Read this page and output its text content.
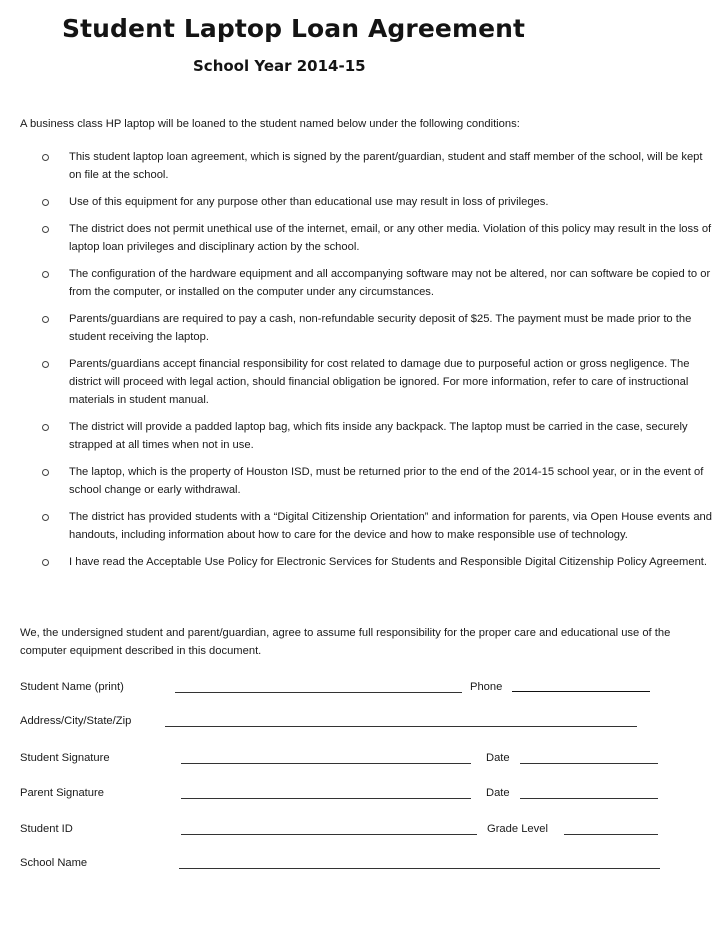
Student Laptop Loan Agreement
School Year 2014-15
A business class HP laptop will be loaned to the student named below under the following conditions:
This student laptop loan agreement, which is signed by the parent/guardian, student and staff member of the school, will be kept on file at the school.
Use of this equipment for any purpose other than educational use may result in loss of privileges.
The district does not permit unethical use of the internet, email, or any other media. Violation of this policy may result in the loss of laptop loan privileges and disciplinary action by the school.
The configuration of the hardware equipment and all accompanying software may not be altered, nor can software be copied to or from the computer, or installed on the computer under any circumstances.
Parents/guardians are required to pay a cash, non-refundable security deposit of $25. The payment must be made prior to the student receiving the laptop.
Parents/guardians accept financial responsibility for cost related to damage due to purposeful action or gross negligence. The district will proceed with legal action, should financial obligation be ignored. For more information, refer to care of instructional materials in student manual.
The district will provide a padded laptop bag, which fits inside any backpack. The laptop must be carried in the case, securely strapped at all times when not in use.
The laptop, which is the property of Houston ISD, must be returned prior to the end of the 2014-15 school year, or in the event of school change or early withdrawal.
The district has provided students with a “Digital Citizenship Orientation” and information for parents, via Open House events and handouts, including information about how to care for the device and how to make responsible use of technology.
I have read the Acceptable Use Policy for Electronic Services for Students and Responsible Digital Citizenship Policy Agreement.
We, the undersigned student and parent/guardian, agree to assume full responsibility for the proper care and educational use of the computer equipment described in this document.
Student Name (print)	Phone
Address/City/State/Zip
Student Signature	Date
Parent Signature	Date
Student ID	Grade Level
School Name
